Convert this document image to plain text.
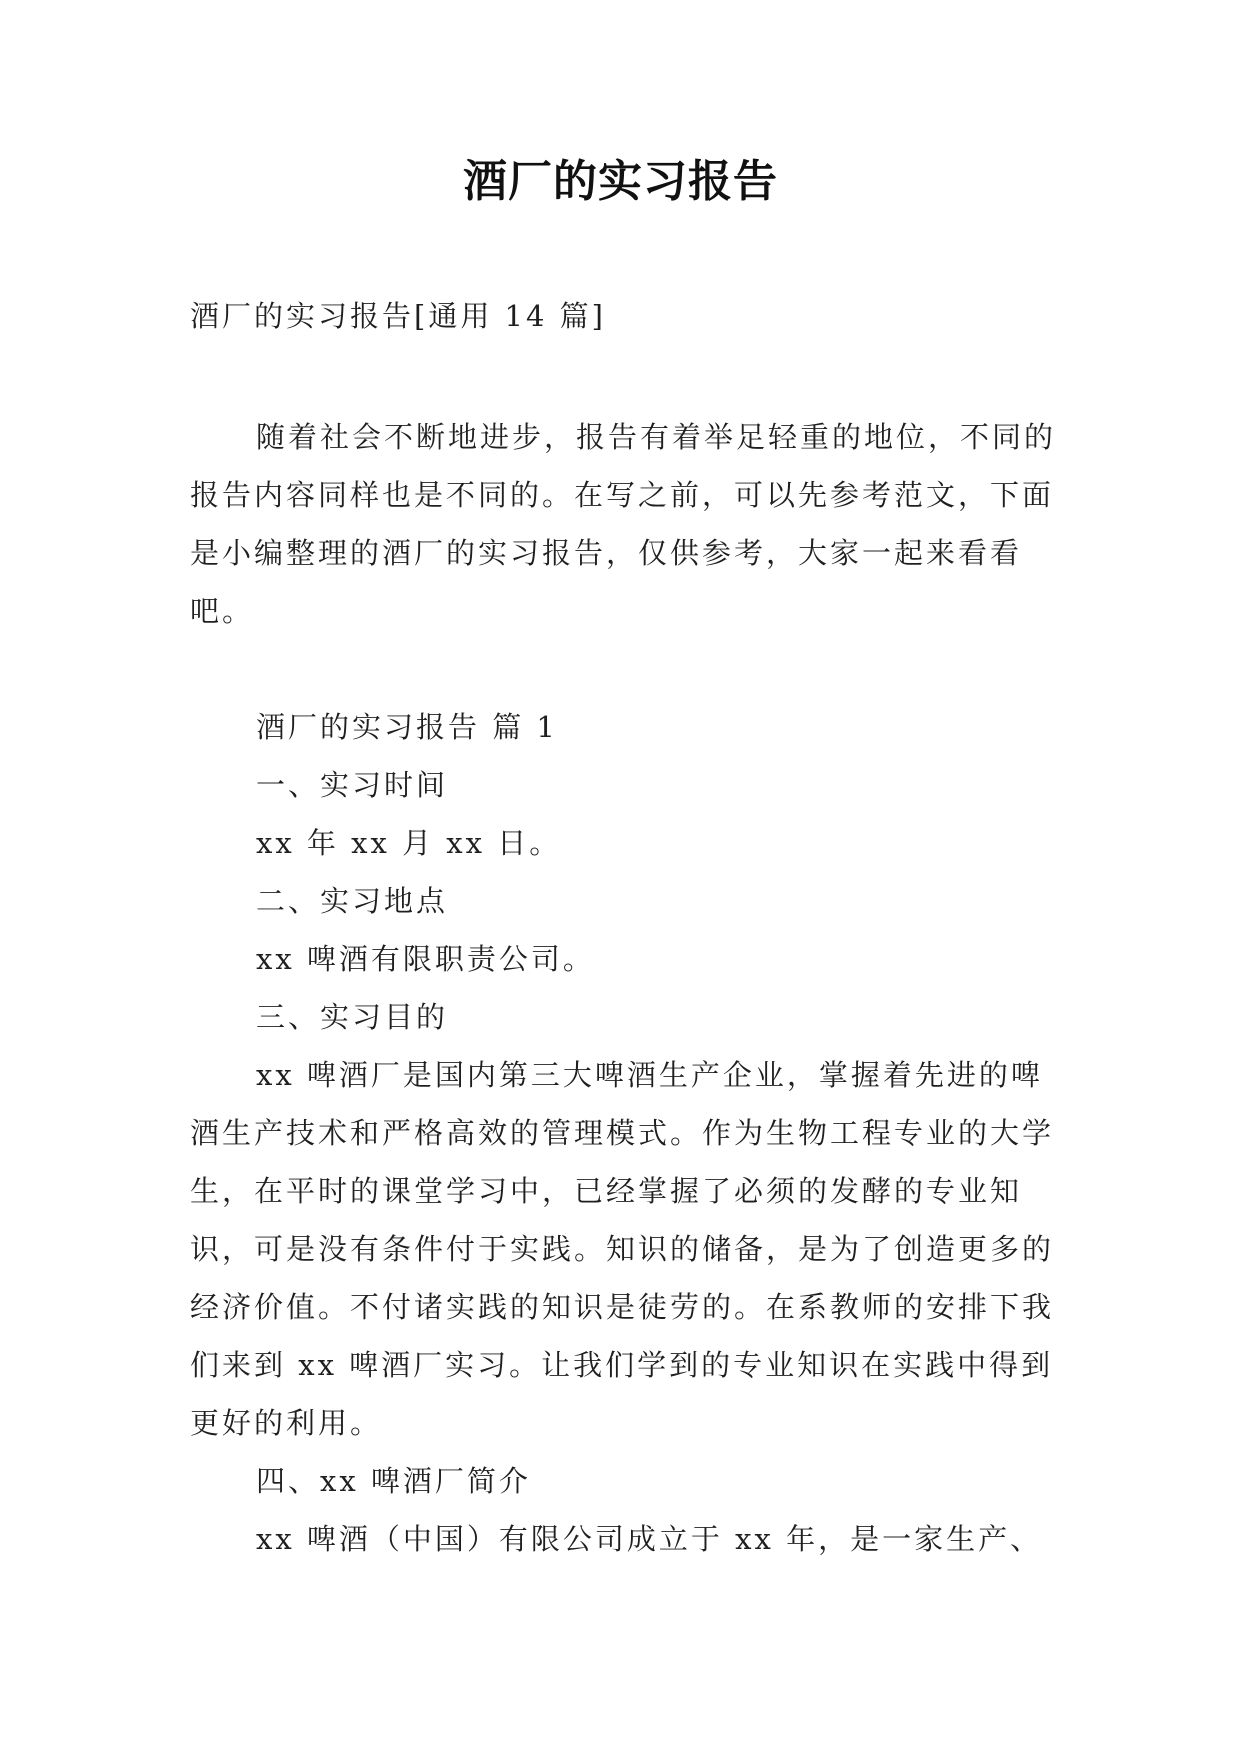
酒厂的实习报告
酒厂的实习报告[通用 14 篇]

随着社会不断地进步，报告有着举足轻重的地位，不同的报告内容同样也是不同的。在写之前，可以先参考范文，下面是小编整理的酒厂的实习报告，仅供参考，大家一起来看看吧。

酒厂的实习报告 篇 1

一、实习时间

xx 年 xx 月 xx 日。

二、实习地点

xx 啤酒有限职责公司。

三、实习目的

xx 啤酒厂是国内第三大啤酒生产企业，掌握着先进的啤酒生产技术和严格高效的管理模式。作为生物工程专业的大学生，在平时的课堂学习中，已经掌握了必须的发酵的专业知识，可是没有条件付于实践。知识的储备，是为了创造更多的经济价值。不付诸实践的知识是徒劳的。在系教师的安排下我们来到 xx 啤酒厂实习。让我们学到的专业知识在实践中得到更好的利用。

四、xx 啤酒厂简介

xx 啤酒（中国）有限公司成立于 xx 年，是一家生产、
